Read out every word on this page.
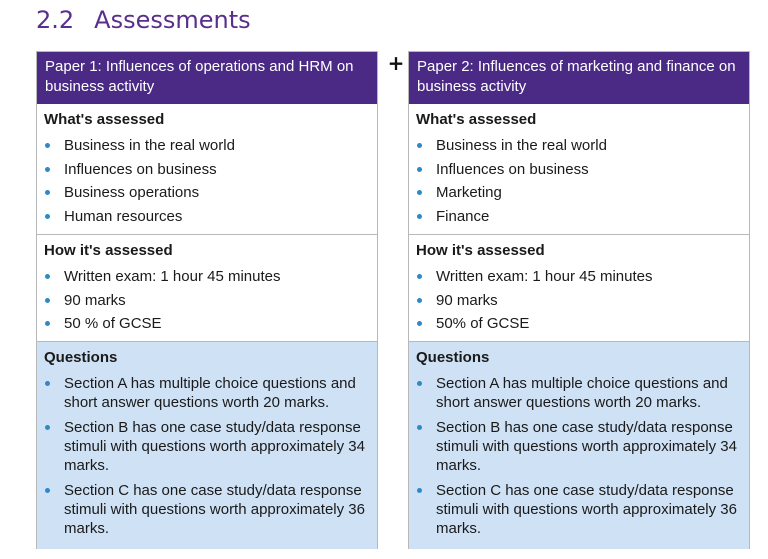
2.2 Assessments
+
Paper 1: Influences of operations and HRM on business activity
What's assessed
Business in the real world
Influences on business
Business operations
Human resources
How it's assessed
Written exam: 1 hour 45 minutes
90 marks
50 % of GCSE
Questions
Section A has multiple choice questions and short answer questions worth 20 marks.
Section B has one case study/data response stimuli with questions worth approximately 34 marks.
Section C has one case study/data response stimuli with questions worth approximately 36 marks.
Paper 2: Influences of marketing and finance on business activity
What's assessed
Business in the real world
Influences on business
Marketing
Finance
How it's assessed
Written exam: 1 hour 45 minutes
90 marks
50% of GCSE
Questions
Section A has multiple choice questions and short answer questions worth 20 marks.
Section B has one case study/data response stimuli with questions worth approximately 34 marks.
Section C has one case study/data response stimuli with questions worth approximately 36 marks.
